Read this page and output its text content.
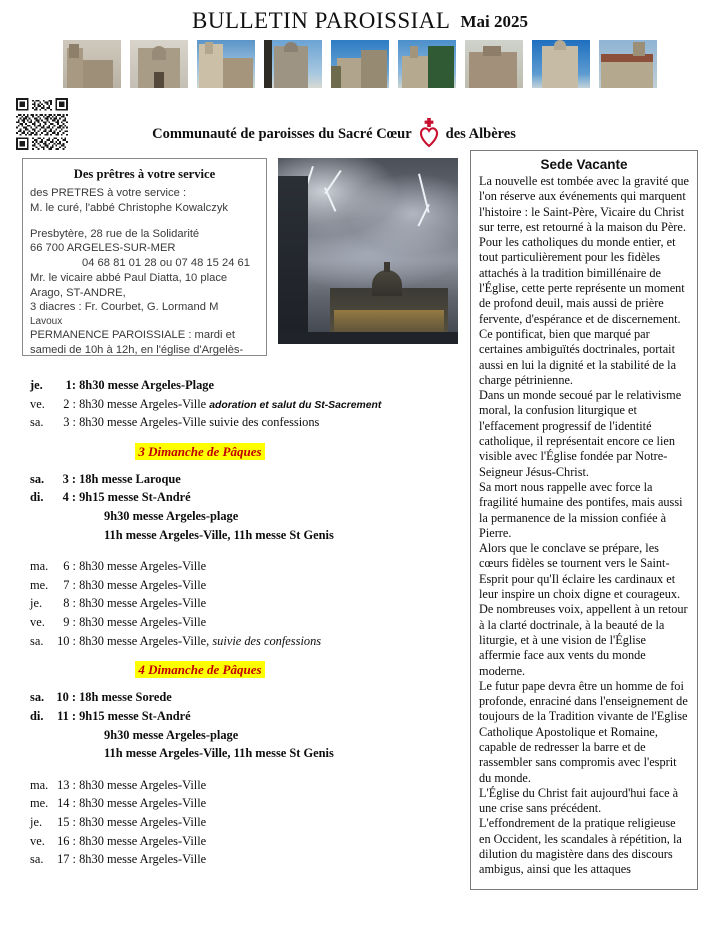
BULLETIN PAROISSIAL Mai 2025
Communauté de paroisses du Sacré Cœur des Albères
Des prêtres à votre service
des PRETRES à votre service :
M. le curé, l'abbé Christophe Kowalczyk
Presbytère, 28 rue de la Solidarité
66 700 ARGELES-SUR-MER
04 68 81 01 28 ou 07 48 15 24 61
Mr. le vicaire abbé Paul Diatta, 10 place
Arago, ST-ANDRE,
3 diacres : Fr. Courbet, G. Lormand M
Lavoux
PERMANENCE PAROISSIALE : mardi et
samedi de 10h à 12h, en l'église d'Argelès-
Sede Vacante
La nouvelle est tombée avec la gravité que l'on réserve aux événements qui marquent l'histoire : le Saint-Père, Vicaire du Christ sur terre, est retourné à la maison du Père. Pour les catholiques du monde entier, et tout particulièrement pour les fidèles attachés à la tradition bimillénaire de l'Église, cette perte représente un moment de profond deuil, mais aussi de prière fervente, d'espérance et de discernement.
Ce pontificat, bien que marqué par certaines ambiguïtés doctrinales, portait aussi en lui la dignité et la stabilité de la charge pétrinienne.
Dans un monde secoué par le relativisme moral, la confusion liturgique et l'effacement progressif de l'identité catholique, il représentait encore ce lien visible avec l'Église fondée par Notre-Seigneur Jésus-Christ.
Sa mort nous rappelle avec force la fragilité humaine des pontifes, mais aussi la permanence de la mission confiée à Pierre.
Alors que le conclave se prépare, les cœurs fidèles se tournent vers le Saint-Esprit pour qu'Il éclaire les cardinaux et leur inspire un choix digne et courageux.
De nombreuses voix, appellent à un retour à la clarté doctrinale, à la beauté de la liturgie, et à une vision de l'Église affermie face aux vents du monde moderne.
Le futur pape devra être un homme de foi profonde, enraciné dans l'enseignement de toujours de la Tradition vivante de l'Eglise Catholique Apostolique et Romaine, capable de redresser la barre et de rassembler sans compromis avec l'esprit du monde.
L'Église du Christ fait aujourd'hui face à une crise sans précédent.
L'effondrement de la pratique religieuse en Occident, les scandales à répétition, la dilution du magistère dans des discours ambigus, ainsi que les attaques
je. 1: 8h30 messe Argeles-Plage
ve. 2 : 8h30 messe Argeles-Ville adoration et salut du St-Sacrement
sa. 3 : 8h30 messe Argeles-Ville suivie des confessions
3 Dimanche de Pâques
sa. 3 : 18h messe Laroque
di. 4 : 9h15 messe St-André
9h30 messe Argeles-plage
11h messe Argeles-Ville, 11h messe St Genis
ma. 6 : 8h30 messe Argeles-Ville
me. 7 : 8h30 messe Argeles-Ville
je. 8 : 8h30 messe Argeles-Ville
ve. 9 : 8h30 messe Argeles-Ville
sa. 10 : 8h30 messe Argeles-Ville, suivie des confessions
4 Dimanche de Pâques
sa. 10 : 18h messe Sorede
di. 11 : 9h15 messe St-André
9h30 messe Argeles-plage
11h messe Argeles-Ville, 11h messe St Genis
ma. 13 : 8h30 messe Argeles-Ville
me. 14 : 8h30 messe Argeles-Ville
je. 15 : 8h30 messe Argeles-Ville
ve. 16 : 8h30 messe Argeles-Ville
sa. 17 : 8h30 messe Argeles-Ville
